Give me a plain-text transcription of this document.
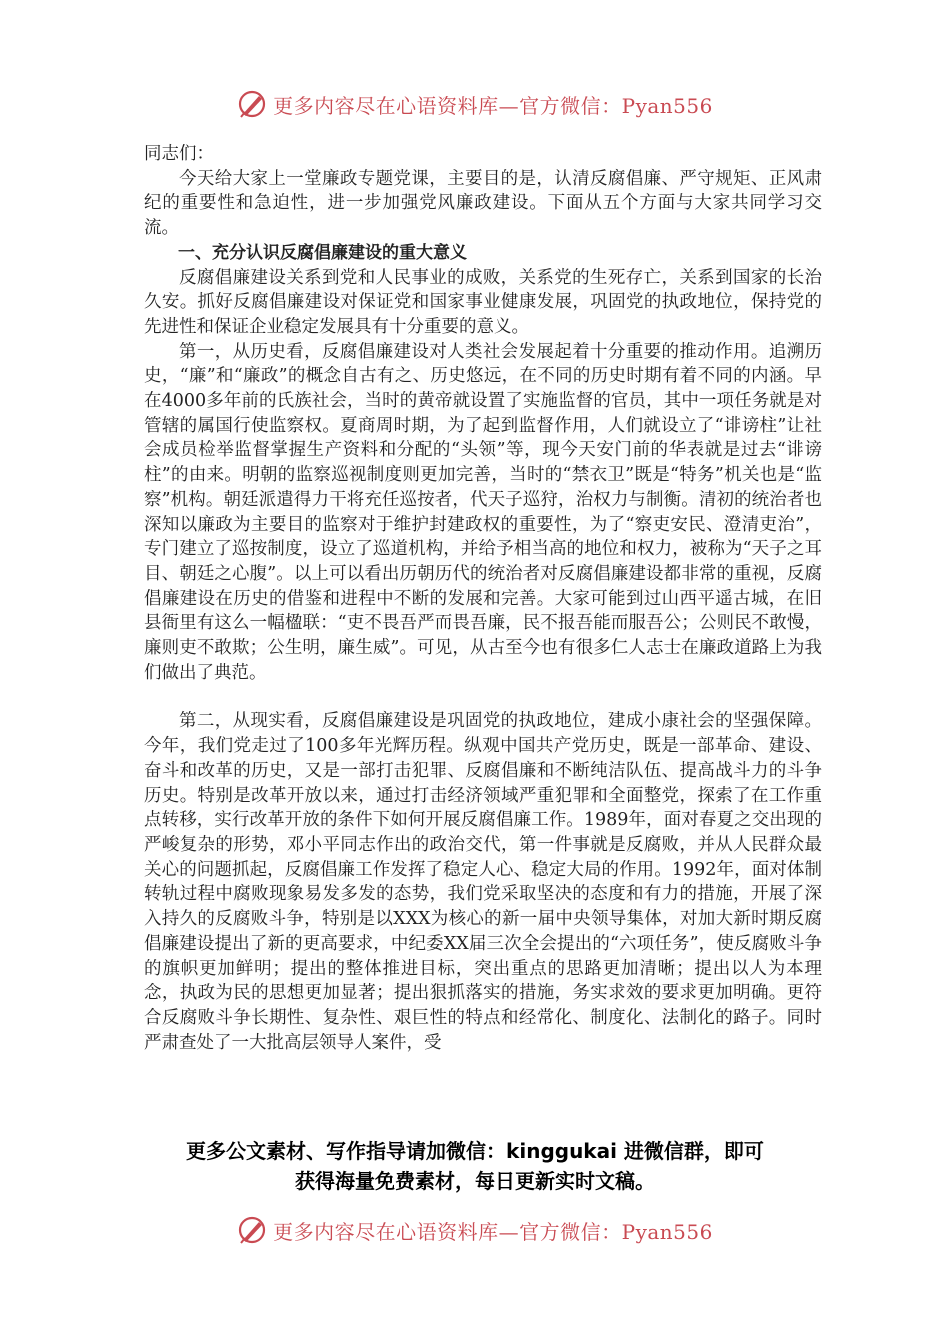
更多内容尽在心语资料库—官方微信：Pyan556

同志们：

今天给大家上一堂廉政专题党课，主要目的是，认清反腐倡廉、严守规矩、正风肃纪的重要性和急迫性，进一步加强党风廉政建设。下面从五个方面与大家共同学习交流。

一、充分认识反腐倡廉建设的重大意义

反腐倡廉建设关系到党和人民事业的成败，关系党的生死存亡，关系到国家的长治久安。抓好反腐倡廉建设对保证党和国家事业健康发展，巩固党的执政地位，保持党的先进性和保证企业稳定发展具有十分重要的意义。

第一，从历史看，反腐倡廉建设对人类社会发展起着十分重要的推动作用。追溯历史，“廉”和“廉政”的概念自古有之、历史悠远，在不同的历史时期有着不同的内涵。早在4000多年前的氏族社会，当时的黄帝就设置了实施监督的官员，其中一项任务就是对管辖的属国行使监察权。夏商周时期，为了起到监督作用，人们就设立了“诽谤柱”让社会成员检举监督掌握生产资料和分配的“头领”等，现今天安门前的华表就是过去“诽谤柱”的由来。明朝的监察巡视制度则更加完善，当时的“禁衣卫”既是“特务”机关也是“监察”机构。朝廷派遣得力干将充任巡按者，代天子巡狩，治权力与制衡。清初的统治者也深知以廉政为主要目的监察对于维护封建政权的重要性，为了“察吏安民、澄清吏治”，专门建立了巡按制度，设立了巡道机构，并给予相当高的地位和权力，被称为“天子之耳目、朝廷之心腹”。以上可以看出历朝历代的统治者对反腐倡廉建设都非常的重视，反腐倡廉建设在历史的借鉴和进程中不断的发展和完善。大家可能到过山西平遥古城，在旧县衙里有这么一幅楹联：“吏不畏吾严而畏吾廉，民不报吾能而服吾公；公则民不敢慢，廉则吏不敢欺；公生明，廉生威”。可见，从古至今也有很多仁人志士在廉政道路上为我们做出了典范。

第二，从现实看，反腐倡廉建设是巩固党的执政地位，建成小康社会的坚强保障。今年，我们党走过了100多年光辉历程。纵观中国共产党历史，既是一部革命、建设、奋斗和改革的历史，又是一部打击犯罪、反腐倡廉和不断纯洁队伍、提高战斗力的斗争历史。特别是改革开放以来，通过打击经济领域严重犯罪和全面整党，探索了在工作重点转移，实行改革开放的条件下如何开展反腐倡廉工作。1989年，面对春夏之交出现的严峻复杂的形势，邓小平同志作出的政治交代，第一件事就是反腐败，并从人民群众最关心的问题抓起，反腐倡廉工作发挥了稳定人心、稳定大局的作用。1992年，面对体制转轨过程中腐败现象易发多发的态势，我们党采取坚决的态度和有力的措施，开展了深入持久的反腐败斗争，特别是以XXX为核心的新一届中央领导集体，对加大新时期反腐倡廉建设提出了新的更高要求，中纪委XX届三次全会提出的“六项任务”，使反腐败斗争的旗帜更加鲜明；提出的整体推进目标，突出重点的思路更加清晰；提出以人为本理念，执政为民的思想更加显著；提出狠抓落实的措施，务实求效的要求更加明确。更符合反腐败斗争长期性、复杂性、艰巨性的特点和经常化、制度化、法制化的路子。同时严肃查处了一大批高层领导人案件，受

更多公文素材、写作指导请加微信：kinggukai 进微信群，即可
获得海量免费素材，每日更新实时文稿。
更多内容尽在心语资料库—官方微信：Pyan556
